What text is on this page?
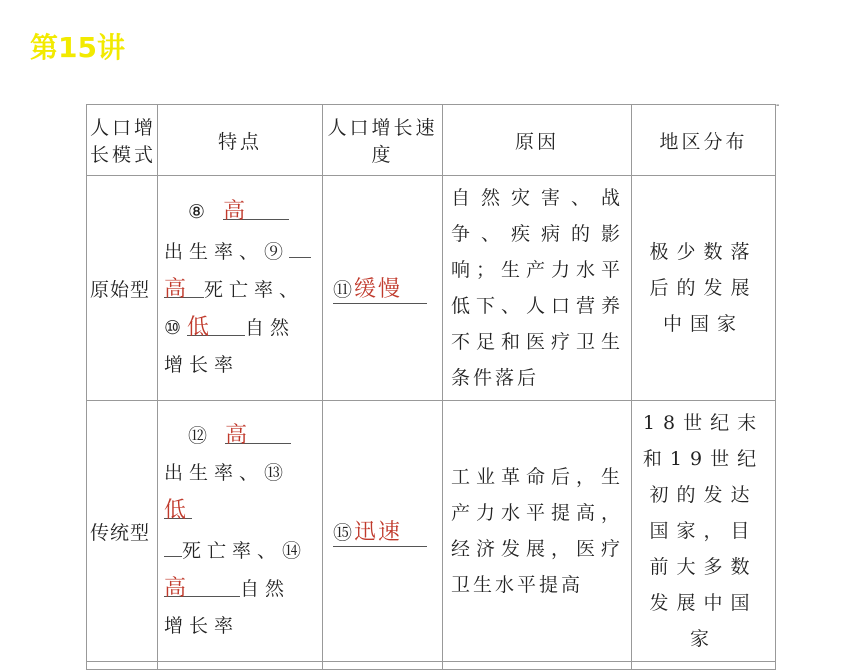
第15讲
-
人口增长模式	特点	人口增长速度	原因	地区分布
原始型	⑧ 高
出生率、⑨
高 死亡率、
⑩低 自然
增长率	⑪缓慢	自然灾害、战争、疾病的影响；生产力水平低下、人口营养不足和医疗卫生条件落后	极少数落后的发展中国家
传统型	⑫ 高
出生率、⑬低
死亡率、⑭
高 自然
增长率	⑮迅速	工业革命后，生产力水平提高，经济发展，医疗卫生水平提高	18世纪末和19世纪初的发达国家，目前大多数发展中国家
